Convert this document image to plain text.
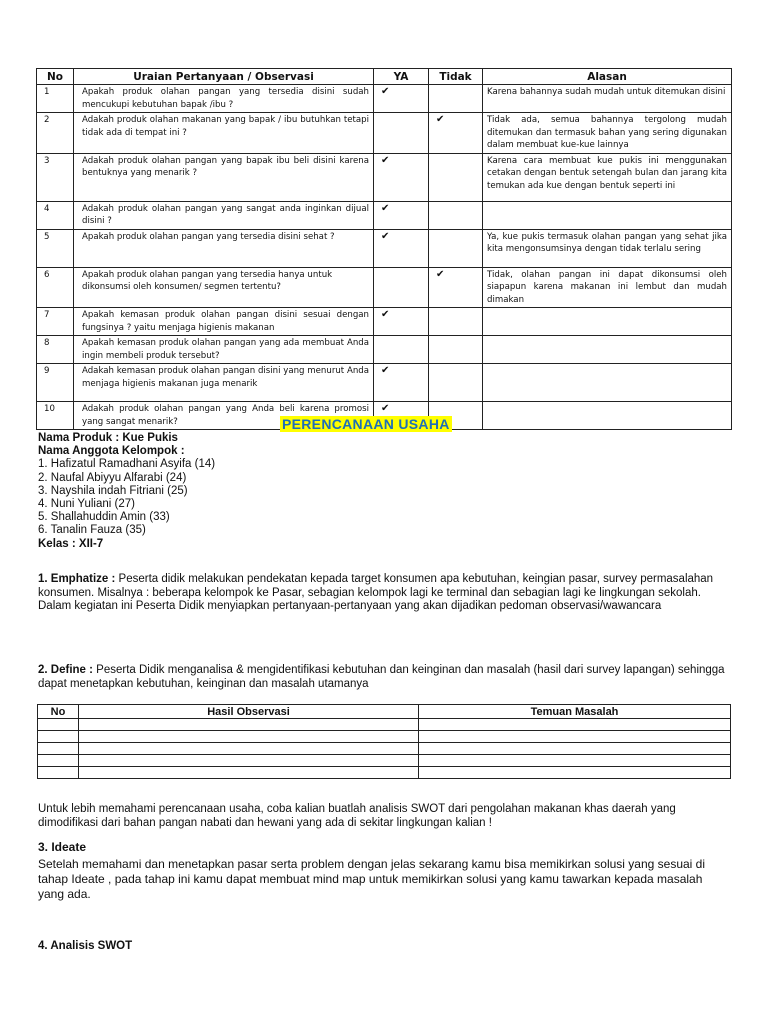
No	Uraian Pertanyaan / Observasi	YA	Tidak	Alasan
1	Apakah produk olahan pangan yang tersedia disini sudah mencukupi kebutuhan bapak /ibu ?	✔		Karena bahannya sudah mudah untuk ditemukan disini
2	Adakah produk olahan makanan yang bapak / ibu butuhkan tetapi tidak ada di tempat ini ?		✔	Tidak ada, semua bahannya tergolong mudah ditemukan dan termasuk bahan yang sering digunakan dalam membuat kue-kue lainnya
3	Adakah produk olahan pangan yang bapak ibu beli disini karena bentuknya yang menarik ?	✔		Karena cara membuat kue pukis ini menggunakan cetakan dengan bentuk setengah bulan dan jarang kita temukan ada kue dengan bentuk seperti ini
4	Adakah produk olahan pangan yang sangat anda inginkan dijual disini ?	✔		
5	Apakah produk olahan pangan yang tersedia disini sehat ?	✔		Ya, kue pukis termasuk olahan pangan yang sehat jika kita mengonsumsinya dengan tidak terlalu sering
6	Apakah produk olahan pangan yang tersedia hanya untuk
dikonsumsi oleh konsumen/ segmen tertentu?		✔	Tidak, olahan pangan ini dapat dikonsumsi oleh siapapun karena makanan ini lembut dan mudah dimakan
7	Apakah kemasan produk olahan pangan disini sesuai dengan fungsinya ? yaitu menjaga higienis makanan	✔		
8	Apakah kemasan produk olahan pangan yang ada membuat Anda ingin membeli produk tersebut?			
9	Adakah kemasan produk olahan pangan disini yang menurut Anda menjaga higienis makanan juga menarik	✔		
10	Adakah produk olahan pangan yang Anda beli karena promosi yang sangat menarik?	✔		
PERENCANAAN USAHA
Nama Produk : Kue Pukis
Nama Anggota Kelompok :
1. Hafizatul Ramadhani Asyifa (14)
2. Naufal Abiyyu Alfarabi (24)
3. Nayshila indah Fitriani (25)
4. Nuni Yuliani (27)
5. Shallahuddin Amin (33)
6. Tanalin Fauza (35)
Kelas : XII-7
1. Emphatize : Peserta didik melakukan pendekatan kepada target konsumen apa kebutuhan, keingian pasar, survey permasalahan konsumen. Misalnya : beberapa kelompok ke Pasar, sebagian kelompok lagi ke terminal dan sebagian lagi ke lingkungan sekolah. Dalam kegiatan ini Peserta Didik menyiapkan pertanyaan-pertanyaan yang akan dijadikan pedoman observasi/wawancara
2. Define : Peserta Didik menganalisa & mengidentifikasi kebutuhan dan keinginan dan masalah (hasil dari survey lapangan) sehingga dapat menetapkan kebutuhan, keinginan dan masalah utamanya
No	Hasil Observasi	Temuan Masalah

Untuk lebih memahami perencanaan usaha, coba kalian buatlah analisis SWOT dari pengolahan makanan khas daerah yang dimodifikasi dari bahan pangan nabati dan hewani yang ada di sekitar lingkungan kalian !
3. Ideate
Setelah memahami dan menetapkan pasar serta problem dengan jelas sekarang kamu bisa memikirkan solusi yang sesuai di tahap Ideate , pada tahap ini kamu dapat membuat mind map untuk memikirkan solusi yang kamu tawarkan kepada masalah yang ada.
4. Analisis SWOT
